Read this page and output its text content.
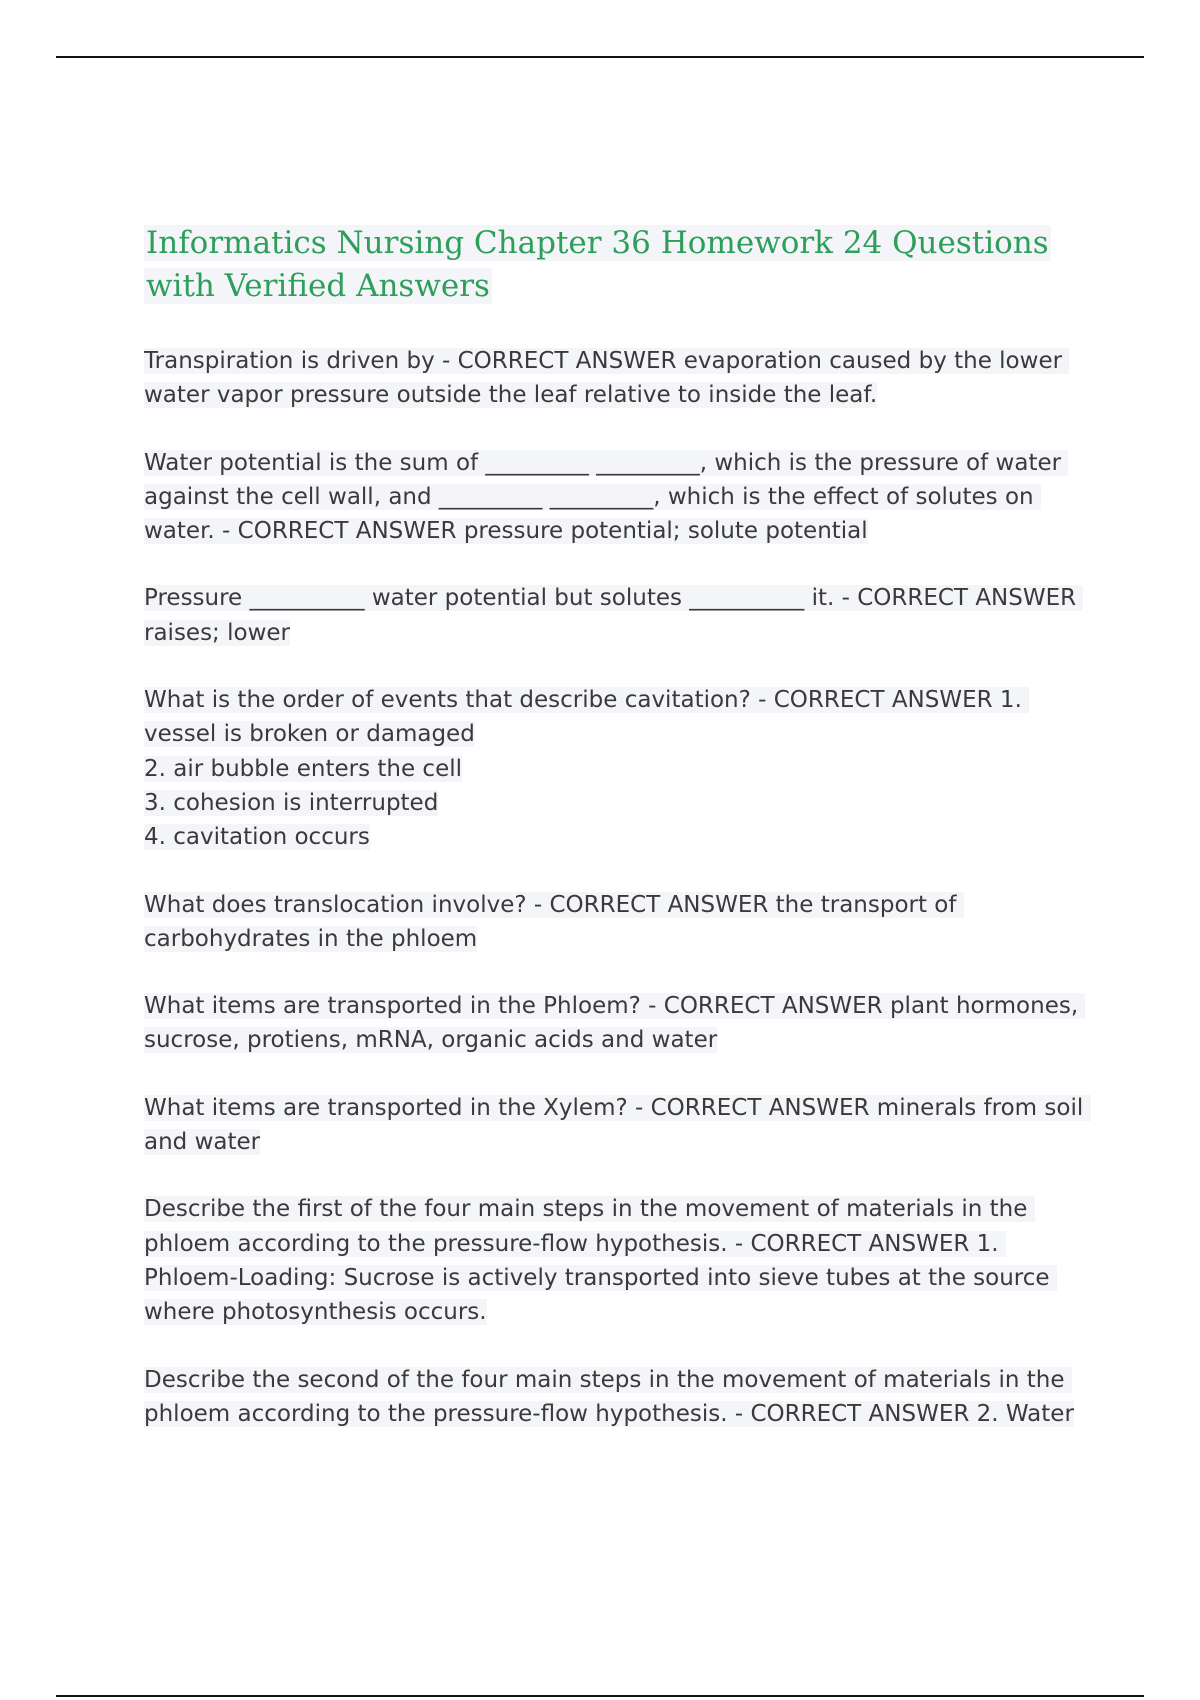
Informatics Nursing Chapter 36 Homework 24 Questions
with Verified Answers

Transpiration is driven by - CORRECT ANSWER evaporation caused by the lower water vapor pressure outside the leaf relative to inside the leaf.

Water potential is the sum of _________ _________, which is the pressure of water against the cell wall, and _________ _________, which is the effect of solutes on water. - CORRECT ANSWER pressure potential; solute potential

Pressure __________ water potential but solutes __________ it. - CORRECT ANSWER raises; lower

What is the order of events that describe cavitation? - CORRECT ANSWER 1. vessel is broken or damaged
2. air bubble enters the cell
3. cohesion is interrupted
4. cavitation occurs

What does translocation involve? - CORRECT ANSWER the transport of carbohydrates in the phloem

What items are transported in the Phloem? - CORRECT ANSWER plant hormones, sucrose, protiens, mRNA, organic acids and water

What items are transported in the Xylem? - CORRECT ANSWER minerals from soil and water

Describe the first of the four main steps in the movement of materials in the phloem according to the pressure-flow hypothesis. - CORRECT ANSWER 1. Phloem-Loading: Sucrose is actively transported into sieve tubes at the source where photosynthesis occurs.

Describe the second of the four main steps in the movement of materials in the phloem according to the pressure-flow hypothesis. - CORRECT ANSWER 2. Water
